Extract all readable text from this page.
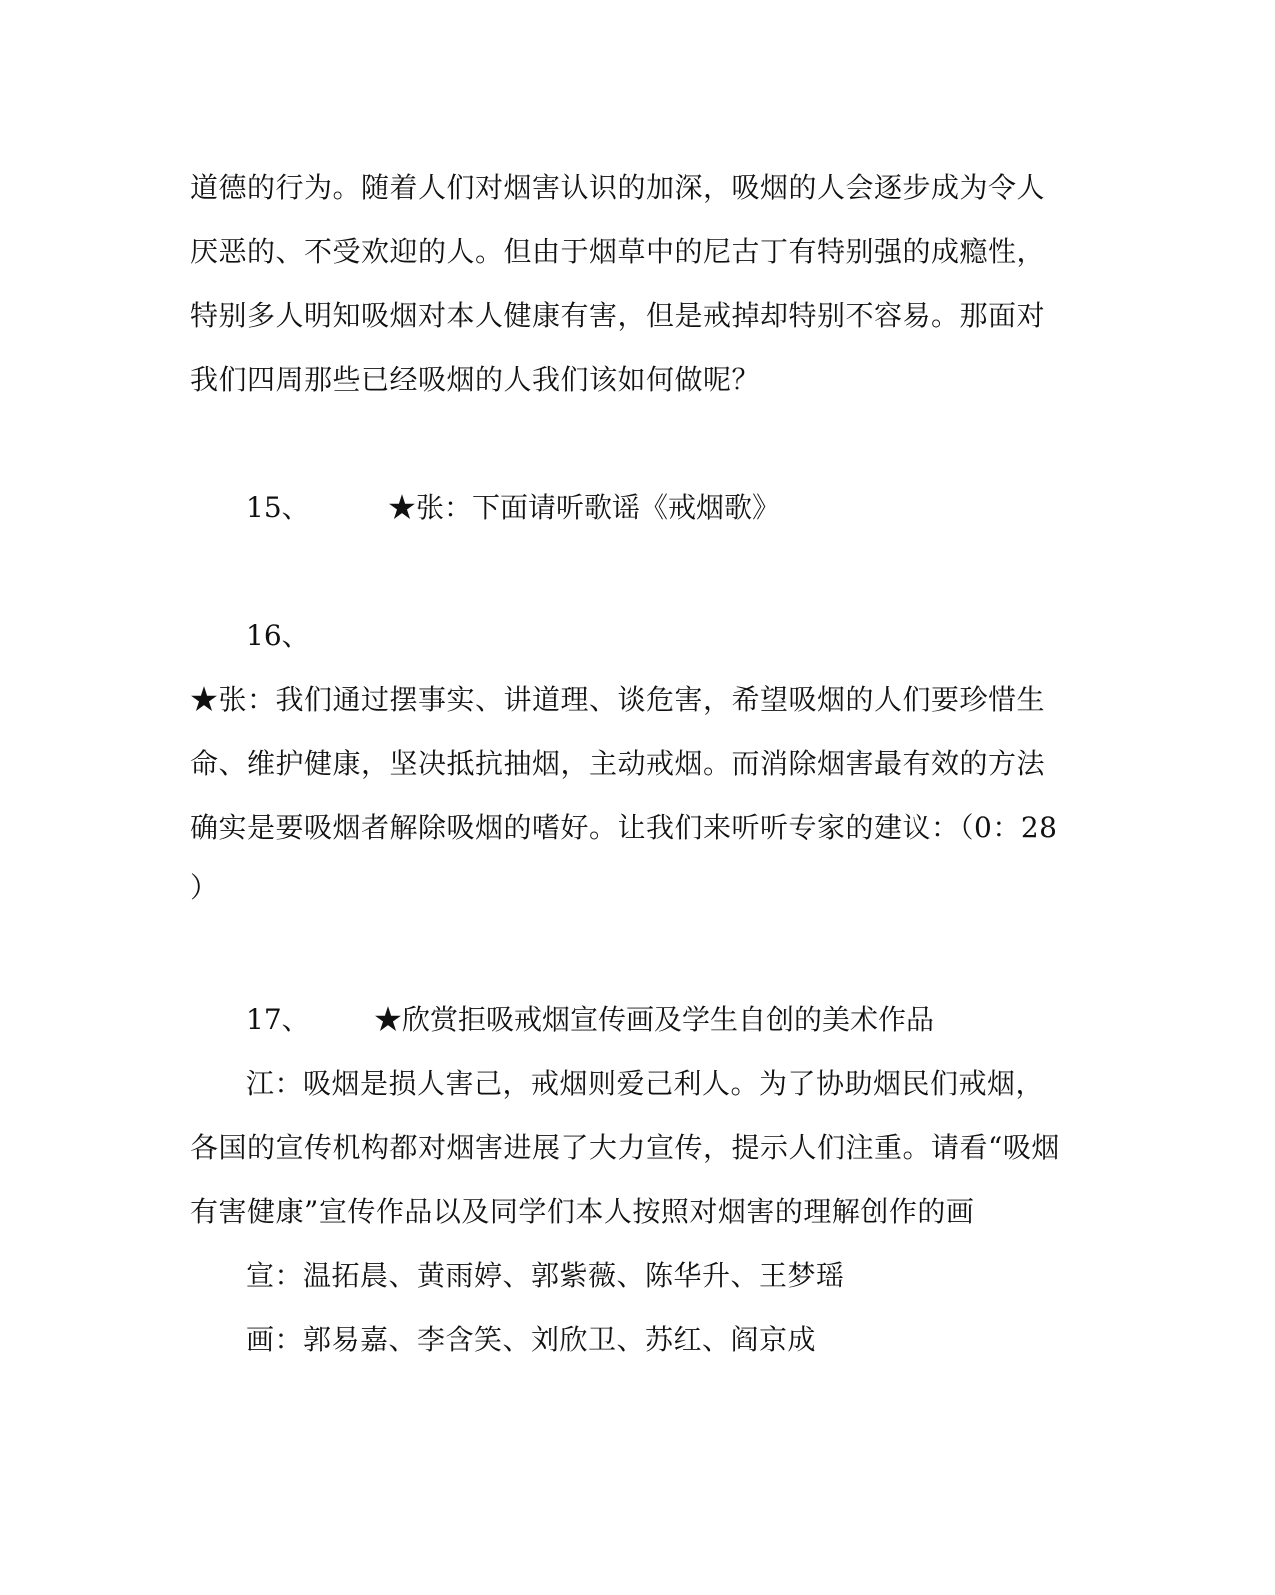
道德的行为。随着人们对烟害认识的加深，吸烟的人会逐步成为令人
厌恶的、不受欢迎的人。但由于烟草中的尼古丁有特别强的成瘾性，
特别多人明知吸烟对本人健康有害，但是戒掉却特别不容易。那面对
我们四周那些已经吸烟的人我们该如何做呢？
15、	★张：下面请听歌谣《戒烟歌》
16、
★张：我们通过摆事实、讲道理、谈危害，希望吸烟的人们要珍惜生
命、维护健康，坚决抵抗抽烟，主动戒烟。而消除烟害最有效的方法
确实是要吸烟者解除吸烟的嗜好。让我们来听听专家的建议：（0：28
）
17、 ★欣赏拒吸戒烟宣传画及学生自创的美术作品
江：吸烟是损人害己，戒烟则爱己利人。为了协助烟民们戒烟，
各国的宣传机构都对烟害进展了大力宣传，提示人们注重。请看“吸烟
有害健康”宣传作品以及同学们本人按照对烟害的理解创作的画
宣：温拓晨、黄雨婷、郭紫薇、陈华升、王梦瑶
画：郭易嘉、李含笑、刘欣卫、苏红、阎京成
